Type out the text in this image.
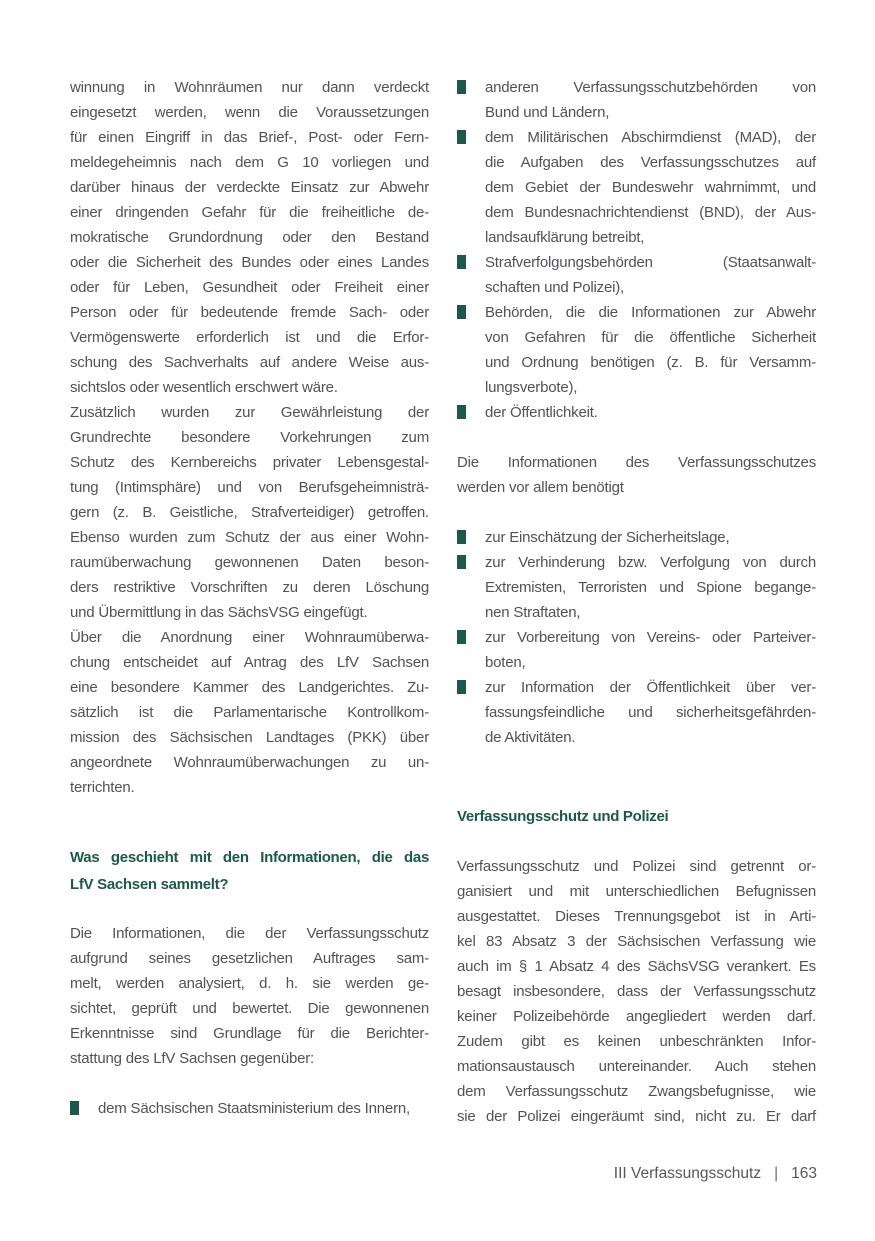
winnung in Wohnräumen nur dann verdeckt
eingesetzt werden, wenn die Voraussetzungen
für einen Eingriff in das Brief-, Post- oder Fern-
meldegeheimnis nach dem G 10 vorliegen und
darüber hinaus der verdeckte Einsatz zur Abwehr
einer dringenden Gefahr für die freiheitliche de-
mokratische Grundordnung oder den Bestand
oder die Sicherheit des Bundes oder eines Landes
oder für Leben, Gesundheit oder Freiheit einer
Person oder für bedeutende fremde Sach- oder
Vermögenswerte erforderlich ist und die Erfor-
schung des Sachverhalts auf andere Weise aus-
sichtslos oder wesentlich erschwert wäre.
Zusätzlich wurden zur Gewährleistung der
Grundrechte besondere Vorkehrungen zum
Schutz des Kernbereichs privater Lebensgestal-
tung (Intimsphäre) und von Berufsgeheimnisträ-
gern (z. B. Geistliche, Strafverteidiger) getroffen.
Ebenso wurden zum Schutz der aus einer Wohn-
raumüberwachung gewonnenen Daten beson-
ders restriktive Vorschriften zu deren Löschung
und Übermittlung in das SächsVSG eingefügt.
Über die Anordnung einer Wohnraumüberwa-
chung entscheidet auf Antrag des LfV Sachsen
eine besondere Kammer des Landgerichtes. Zu-
sätzlich ist die Parlamentarische Kontrollkom-
mission des Sächsischen Landtages (PKK) über
angeordnete Wohnraumüberwachungen zu un-
terrichten.
Was geschieht mit den Informationen, die das
LfV Sachsen sammelt?
Die Informationen, die der Verfassungsschutz
aufgrund seines gesetzlichen Auftrages sam-
melt, werden analysiert, d. h. sie werden ge-
sichtet, geprüft und bewertet. Die gewonnenen
Erkenntnisse sind Grundlage für die Berichter-
stattung des LfV Sachsen gegenüber:
dem Sächsischen Staatsministerium des Innern,
anderen Verfassungsschutzbehörden von
Bund und Ländern,
dem Militärischen Abschirmdienst (MAD), der
die Aufgaben des Verfassungsschutzes auf
dem Gebiet der Bundeswehr wahrnimmt, und
dem Bundesnachrichtendienst (BND), der Aus-
landsaufklärung betreibt,
Strafverfolgungsbehörden (Staatsanwalt-
schaften und Polizei),
Behörden, die die Informationen zur Abwehr
von Gefahren für die öffentliche Sicherheit
und Ordnung benötigen (z. B. für Versamm-
lungsverbote),
der Öffentlichkeit.
Die Informationen des Verfassungsschutzes
werden vor allem benötigt
zur Einschätzung der Sicherheitslage,
zur Verhinderung bzw. Verfolgung von durch
Extremisten, Terroristen und Spione begange-
nen Straftaten,
zur Vorbereitung von Vereins- oder Parteiver-
boten,
zur Information der Öffentlichkeit über ver-
fassungsfeindliche und sicherheitsgefährden-
de Aktivitäten.
Verfassungsschutz und Polizei
Verfassungsschutz und Polizei sind getrennt or-
ganisiert und mit unterschiedlichen Befugnissen
ausgestattet. Dieses Trennungsgebot ist in Arti-
kel 83 Absatz 3 der Sächsischen Verfassung wie
auch im § 1 Absatz 4 des SächsVSG verankert. Es
besagt insbesondere, dass der Verfassungsschutz
keiner Polizeibehörde angegliedert werden darf.
Zudem gibt es keinen unbeschränkten Infor-
mationsaustausch untereinander. Auch stehen
dem Verfassungsschutz Zwangsbefugnisse, wie
sie der Polizei eingeräumt sind, nicht zu. Er darf
III Verfassungsschutz | 163
